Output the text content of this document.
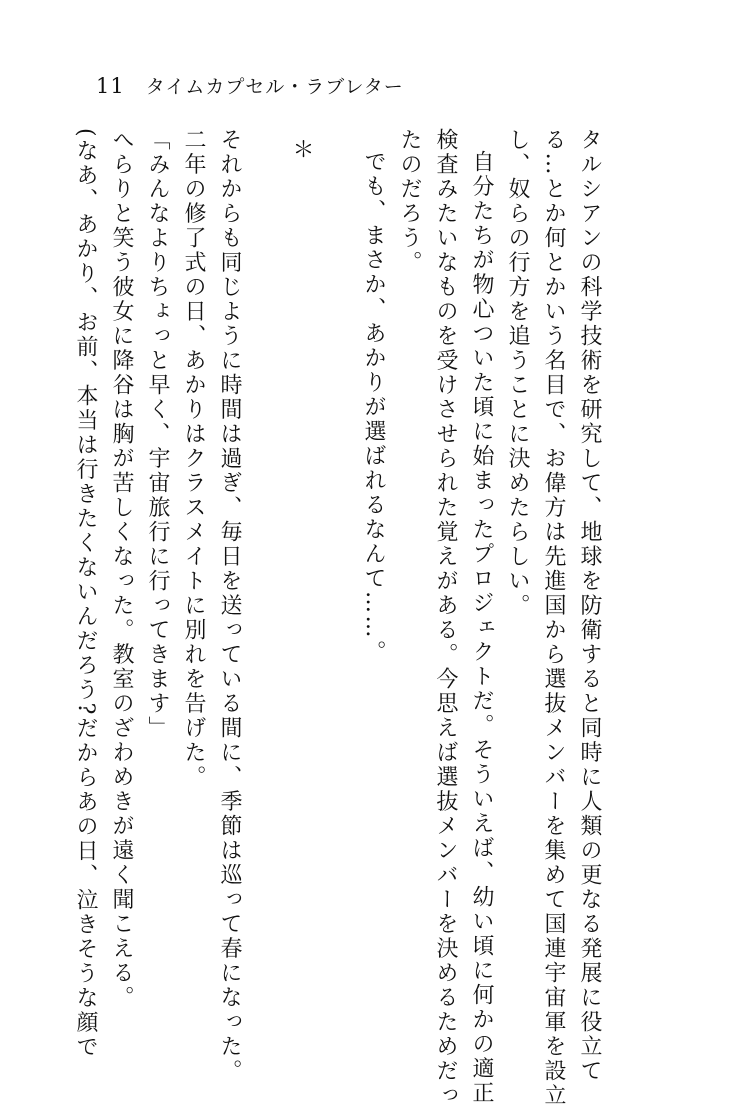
11 タイムカプセル・ラブレター
タルシアンの科学技術を研究して、地球を防衛すると同時に人類の更なる発展に役立て
る…とか何とかいう名目で、お偉方は先進国から選抜メンバーを集めて国連宇宙軍を設立
し、奴らの行方を追うことに決めたらしい。
自分たちが物心ついた頃に始まったプロジェクトだ。そういえば、幼い頃に何かの適正
検査みたいなものを受けさせられた覚えがある。今思えば選抜メンバーを決めるためだっ
たのだろう。
でも、まさか、あかりが選ばれるなんて……。
＊
それからも同じように時間は過ぎ、毎日を送っている間に、季節は巡って春になった。
二年の修了式の日、あかりはクラスメイトに別れを告げた。
「みんなよりちょっと早く、宇宙旅行に行ってきます」
へらりと笑う彼女に降谷は胸が苦しくなった。教室のざわめきが遠く聞こえる。
(なあ、あかり、お前、本当は行きたくないんだろう?だからあの日、泣きそうな顔で
